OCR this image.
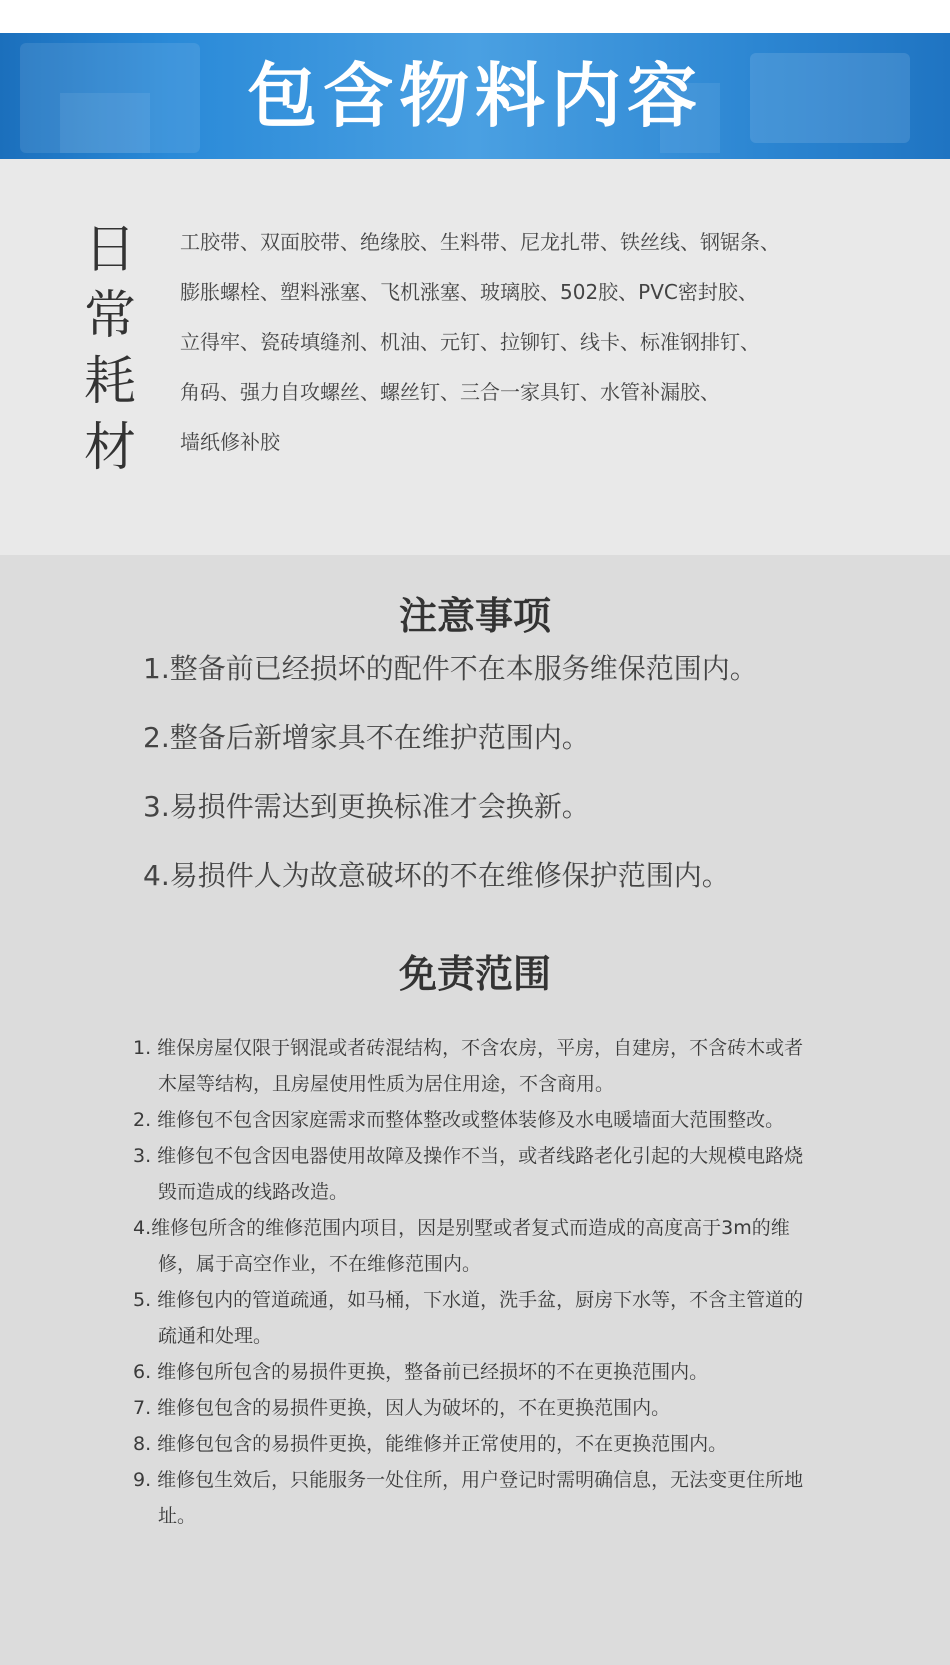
包含物料内容
日常耗材
工胶带、双面胶带、绝缘胶、生料带、尼龙扎带、铁丝线、钢锯条、
膨胀螺栓、塑料涨塞、飞机涨塞、玻璃胶、502胶、PVC密封胶、
立得牢、瓷砖填缝剂、机油、元钉、拉铆钉、线卡、标准钢排钉、
角码、强力自攻螺丝、螺丝钉、三合一家具钉、水管补漏胶、
墙纸修补胶
注意事项
1.整备前已经损坏的配件不在本服务维保范围内。
2.整备后新增家具不在维护范围内。
3.易损件需达到更换标准才会换新。
4.易损件人为故意破坏的不在维修保护范围内。
免责范围
1. 维保房屋仅限于钢混或者砖混结构，不含农房，平房，自建房，不含砖木或者木屋等结构，且房屋使用性质为居住用途，不含商用。
2. 维修包不包含因家庭需求而整体整改或整体装修及水电暖墙面大范围整改。
3. 维修包不包含因电器使用故障及操作不当，或者线路老化引起的大规模电路烧毁而造成的线路改造。
4.维修包所含的维修范围内项目，因是别墅或者复式而造成的高度高于3m的维修，属于高空作业，不在维修范围内。
5. 维修包内的管道疏通，如马桶，下水道，洗手盆，厨房下水等，不含主管道的疏通和处理。
6. 维修包所包含的易损件更换，整备前已经损坏的不在更换范围内。
7. 维修包包含的易损件更换，因人为破坏的，不在更换范围内。
8. 维修包包含的易损件更换，能维修并正常使用的，不在更换范围内。
9. 维修包生效后，只能服务一处住所，用户登记时需明确信息，无法变更住所地址。
